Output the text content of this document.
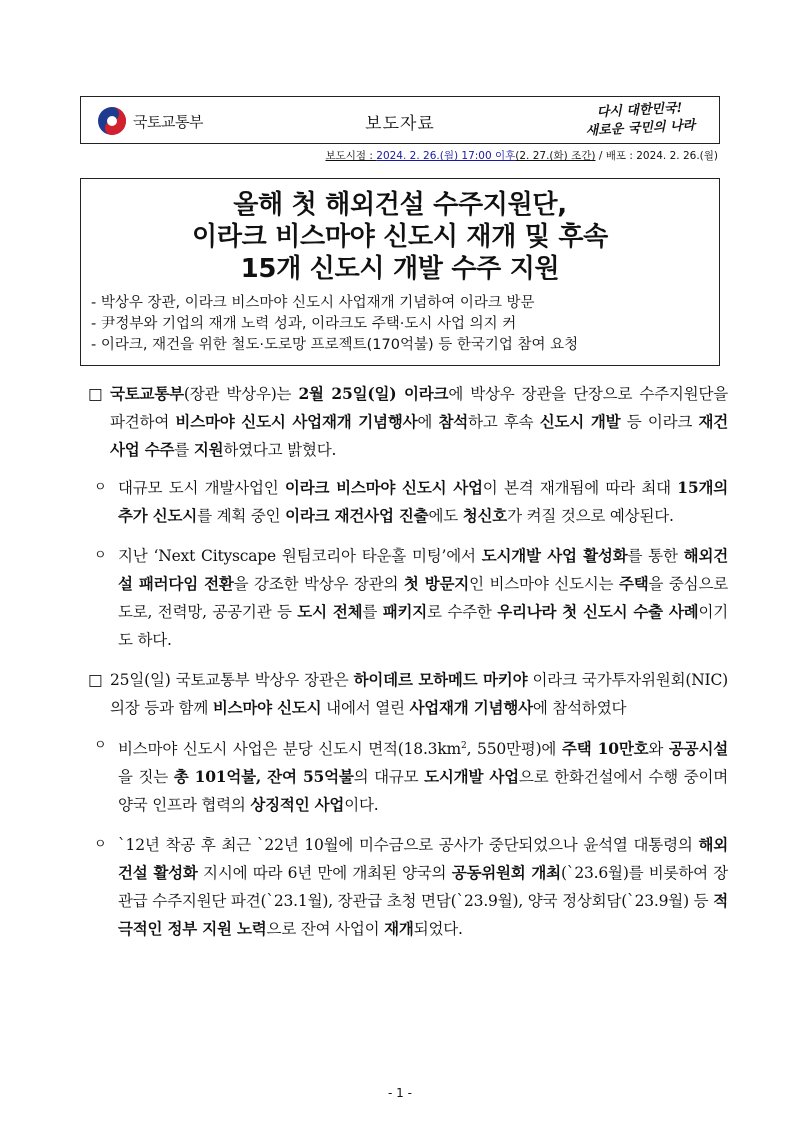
국토교통부	보도자료
다시 대한민국!
새로운 국민의 나라
보도시점 : 2024. 2. 26.(월) 17:00 이후(2. 27.(화) 조간) / 배포 : 2024. 2. 26.(월)
올해 첫 해외건설 수주지원단,
이라크 비스마야 신도시 재개 및 후속
15개 신도시 개발 수주 지원
- 박상우 장관, 이라크 비스마야 신도시 사업재개 기념하여 이라크 방문
- 尹정부와 기업의 재개 노력 성과, 이라크도 주택·도시 사업 의지 커
- 이라크, 재건을 위한 철도·도로망 프로젝트(170억불) 등 한국기업 참여 요청

□ 국토교통부(장관 박상우)는 2월 25일(일) 이라크에 박상우 장관을 단장으로 수주지원단을 파견하여 비스마야 신도시 사업재개 기념행사에 참석하고 후속 신도시 개발 등 이라크 재건 사업 수주를 지원하였다고 밝혔다.

ㅇ 대규모 도시 개발사업인 이라크 비스마야 신도시 사업이 본격 재개됨에 따라 최대 15개의 추가 신도시를 계획 중인 이라크 재건사업 진출에도 청신호가 켜질 것으로 예상된다.

ㅇ 지난 ‘Next Cityscape 원팀코리아 타운홀 미팅’에서 도시개발 사업 활성화를 통한 해외건설 패러다임 전환을 강조한 박상우 장관의 첫 방문지인 비스마야 신도시는 주택을 중심으로 도로, 전력망, 공공기관 등 도시 전체를 패키지로 수주한 우리나라 첫 신도시 수출 사례이기도 하다.

□ 25일(일) 국토교통부 박상우 장관은 하이데르 모하메드 마키야 이라크 국가투자위원회(NIC) 의장 등과 함께 비스마야 신도시 내에서 열린 사업재개 기념행사에 참석하였다

ㅇ 비스마야 신도시 사업은 분당 신도시 면적($18.3km^2$, 550만평)에 주택 10만호와 공공시설을 짓는 총 101억불, 잔여 55억불의 대규모 도시개발 사업으로 한화건설에서 수행 중이며 양국 인프라 협력의 상징적인 사업이다.

ㅇ `12년 착공 후 최근 `22년 10월에 미수금으로 공사가 중단되었으나 윤석열 대통령의 해외건설 활성화 지시에 따라 6년 만에 개최된 양국의 공동위원회 개최(`23.6월)를 비롯하여 장관급 수주지원단 파견(`23.1월), 장관급 초청 면담(`23.9월), 양국 정상회담(`23.9월) 등 적극적인 정부 지원 노력으로 잔여 사업이 재개되었다.

- 1 -
